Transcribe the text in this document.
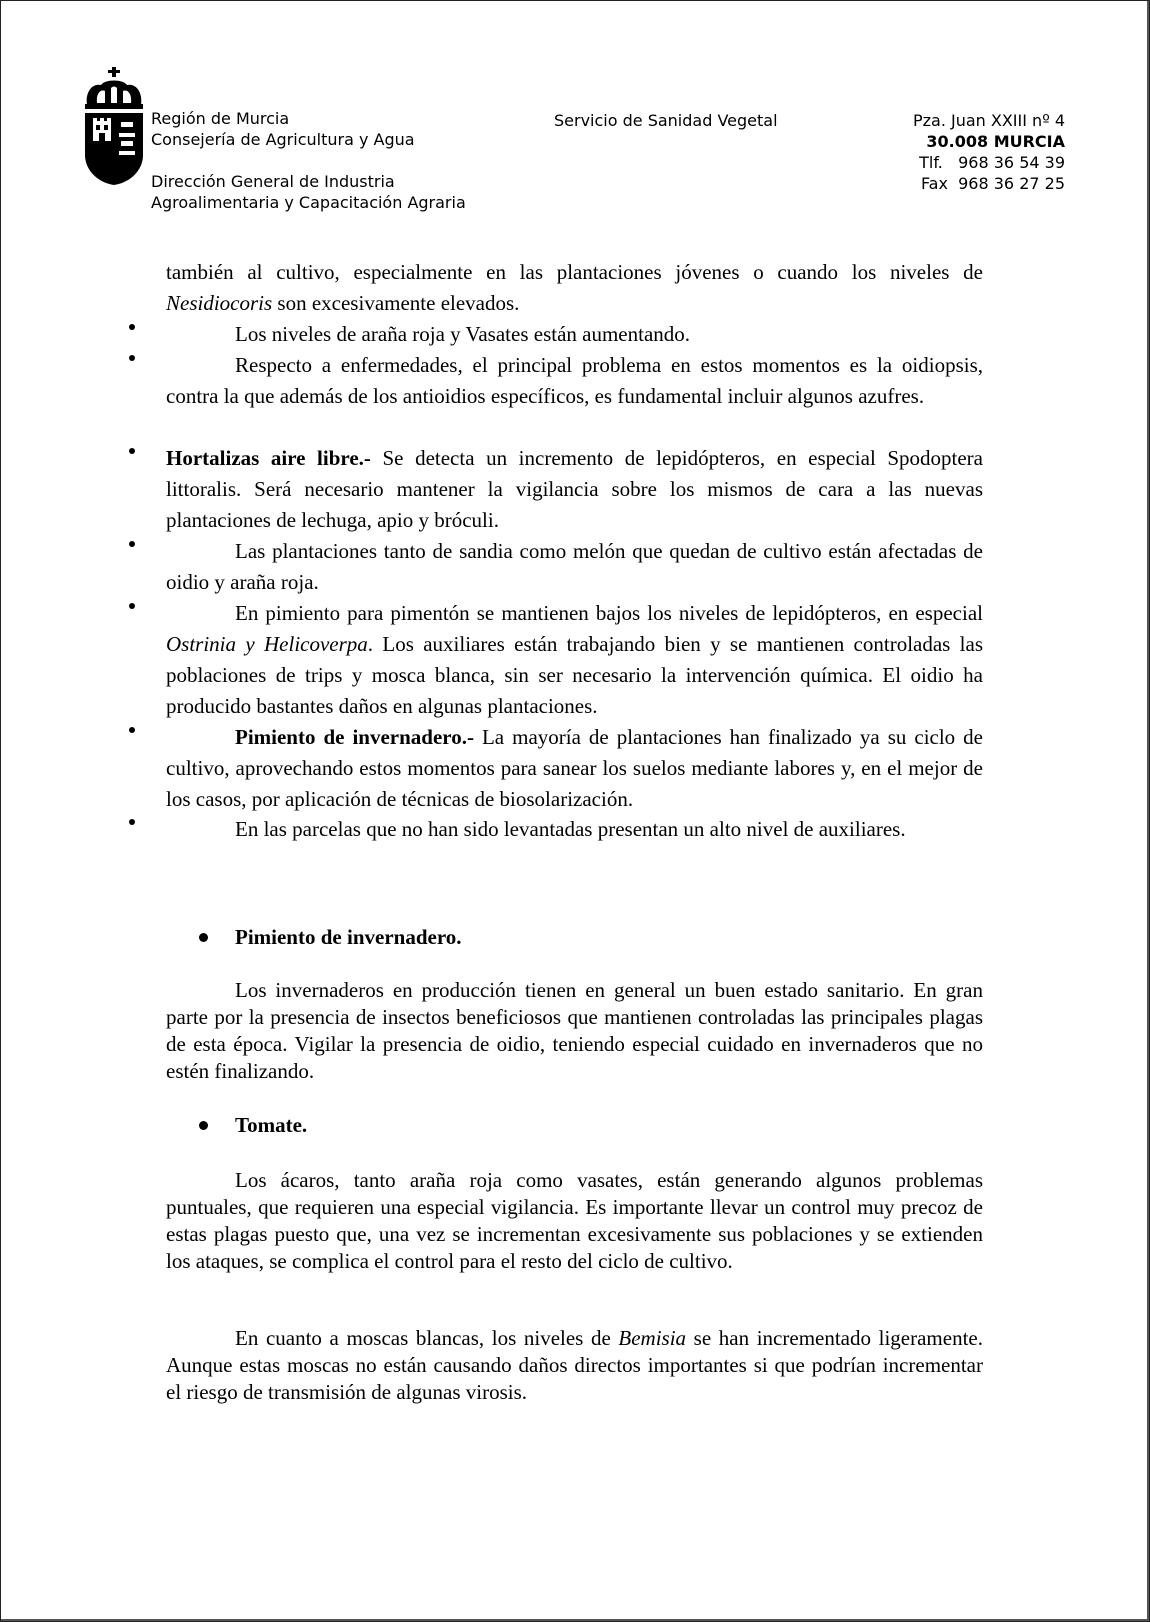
Región de Murcia
Consejería de Agricultura y Agua
Dirección General de Industria
Agroalimentaria y Capacitación Agraria
Servicio de Sanidad Vegetal	Pza. Juan XXIII nº 4
30.008 MURCIA
Tlf.   968 36 54 39
Fax  968 36 27 25
también al cultivo, especialmente en las plantaciones jóvenes o cuando los niveles de Nesidiocoris son excesivamente elevados.
Los niveles de araña roja y Vasates están aumentando.
Respecto a enfermedades, el principal problema en estos momentos es la oidiopsis, contra la que además de los antioidios específicos, es fundamental incluir algunos azufres.
Hortalizas aire libre.- Se detecta un incremento de lepidópteros, en especial Spodoptera littoralis. Será necesario mantener la vigilancia sobre los mismos de cara a las nuevas plantaciones de lechuga, apio y bróculi.
Las plantaciones tanto de sandia como melón que quedan de cultivo están afectadas de oidio y araña roja.
En pimiento para pimentón se mantienen bajos los niveles de lepidópteros, en especial Ostrinia y Helicoverpa. Los auxiliares están trabajando bien y se mantienen controladas las poblaciones de trips y mosca blanca, sin ser necesario la intervención química. El oidio ha producido bastantes daños en algunas plantaciones.
Pimiento de invernadero.- La mayoría de plantaciones han finalizado ya su ciclo de cultivo, aprovechando estos momentos para sanear los suelos mediante labores y, en el mejor de los casos, por aplicación de técnicas de biosolarización.
En las parcelas que no han sido levantadas presentan un alto nivel de auxiliares.
Pimiento de invernadero.
Los invernaderos en producción tienen en general un buen estado sanitario. En gran parte por la presencia de insectos beneficiosos que mantienen controladas las principales plagas de esta época. Vigilar la presencia de oidio, teniendo especial cuidado en invernaderos que no estén finalizando.
Tomate.
Los ácaros, tanto araña roja como vasates, están generando algunos problemas puntuales, que requieren una especial vigilancia. Es importante llevar un control muy precoz de estas plagas puesto que, una vez se incrementan excesivamente sus poblaciones y se extienden los ataques, se complica el control para el resto del ciclo de cultivo.
En cuanto a moscas blancas, los niveles de Bemisia se han incrementado ligeramente. Aunque estas moscas no están causando daños directos importantes si que podrían incrementar el riesgo de transmisión de algunas virosis.
